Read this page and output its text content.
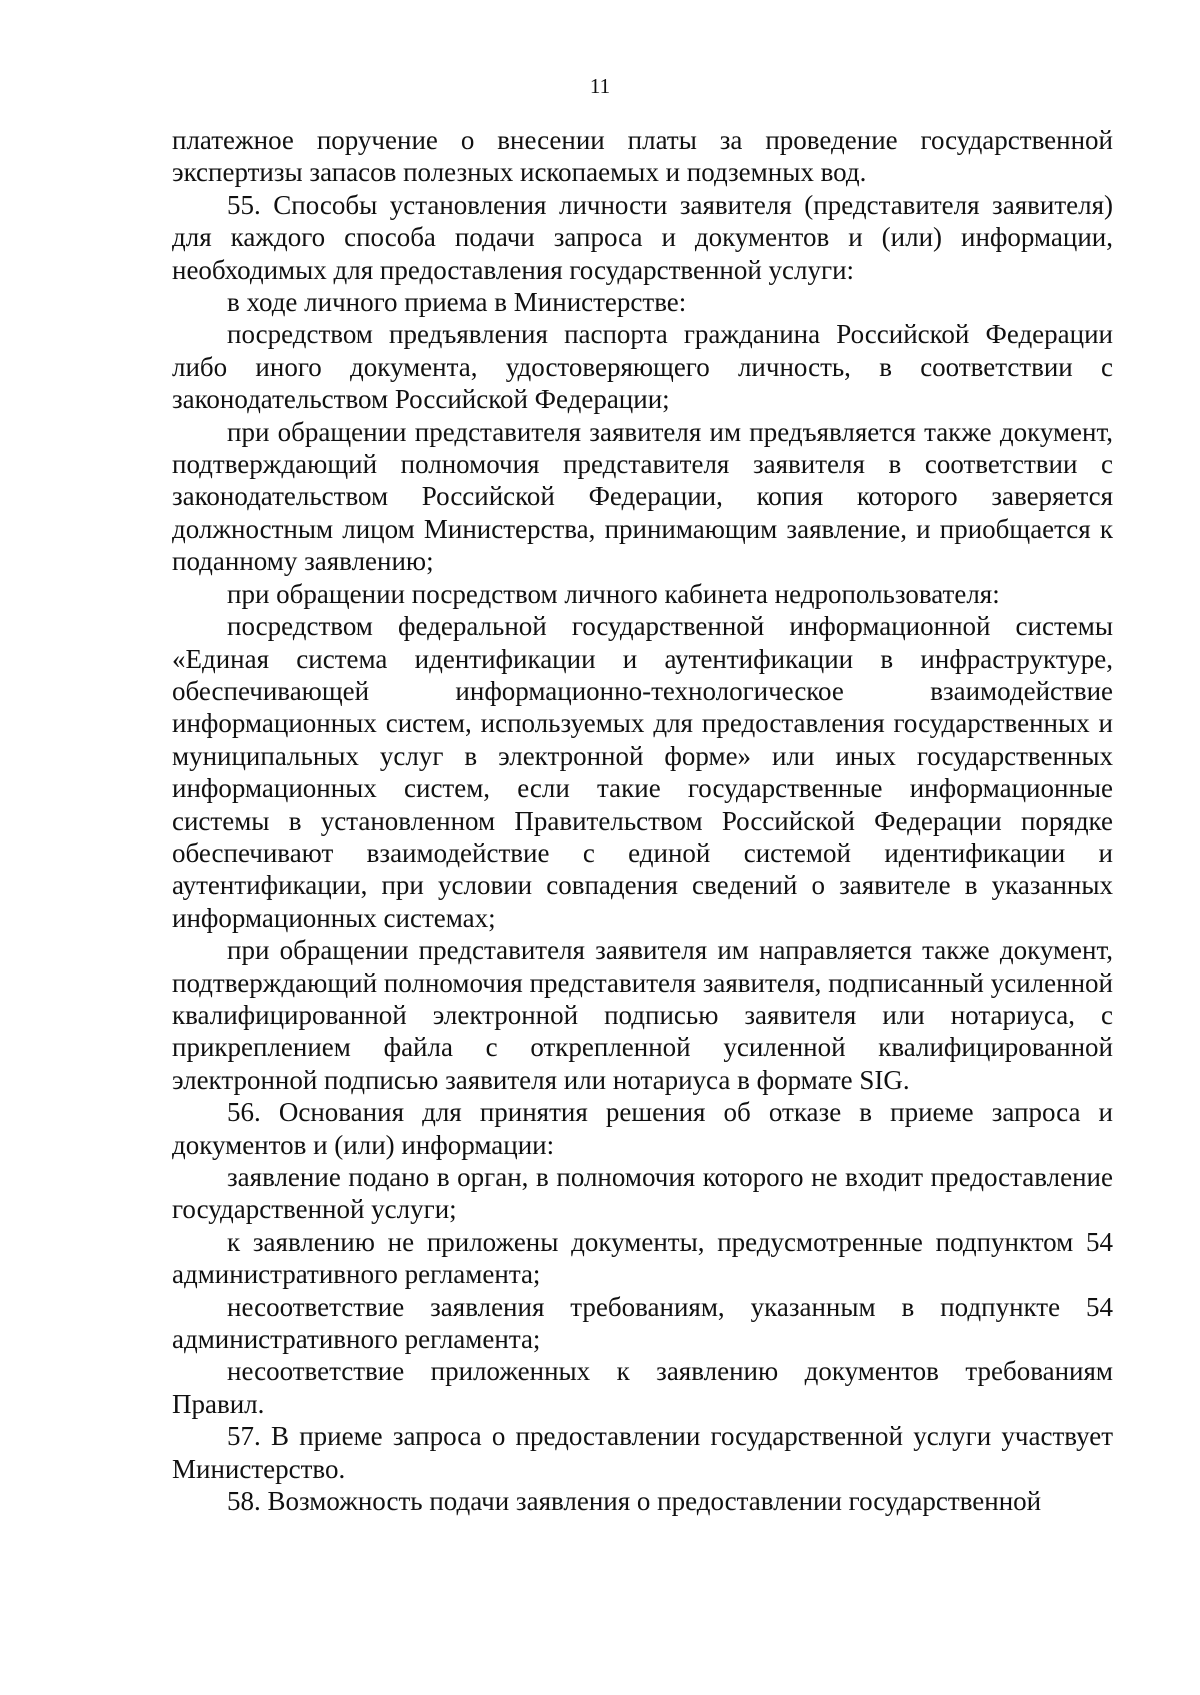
11

платежное поручение о внесении платы за проведение государственной экспертизы запасов полезных ископаемых и подземных вод.

55. Способы установления личности заявителя (представителя заявителя) для каждого способа подачи запроса и документов и (или) информации, необходимых для предоставления государственной услуги:

в ходе личного приема в Министерстве:

посредством предъявления паспорта гражданина Российской Федерации либо иного документа, удостоверяющего личность, в соответствии с законодательством Российской Федерации;

при обращении представителя заявителя им предъявляется также документ, подтверждающий полномочия представителя заявителя в соответствии с законодательством Российской Федерации, копия которого заверяется должностным лицом Министерства, принимающим заявление, и приобщается к поданному заявлению;

при обращении посредством личного кабинета недропользователя:

посредством федеральной государственной информационной системы «Единая система идентификации и аутентификации в инфраструктуре, обеспечивающей информационно-технологическое взаимодействие информационных систем, используемых для предоставления государственных и муниципальных услуг в электронной форме» или иных государственных информационных систем, если такие государственные информационные системы в установленном Правительством Российской Федерации порядке обеспечивают взаимодействие с единой системой идентификации и аутентификации, при условии совпадения сведений о заявителе в указанных информационных системах;

при обращении представителя заявителя им направляется также документ, подтверждающий полномочия представителя заявителя, подписанный усиленной квалифицированной электронной подписью заявителя или нотариуса, с прикреплением файла с открепленной усиленной квалифицированной электронной подписью заявителя или нотариуса в формате SIG.

56. Основания для принятия решения об отказе в приеме запроса и документов и (или) информации:

заявление подано в орган, в полномочия которого не входит предоставление государственной услуги;

к заявлению не приложены документы, предусмотренные подпунктом 54 административного регламента;

несоответствие заявления требованиям, указанным в подпункте 54 административного регламента;

несоответствие приложенных к заявлению документов требованиям Правил.

57. В приеме запроса о предоставлении государственной услуги участвует Министерство.

58. Возможность подачи заявления о предоставлении государственной
